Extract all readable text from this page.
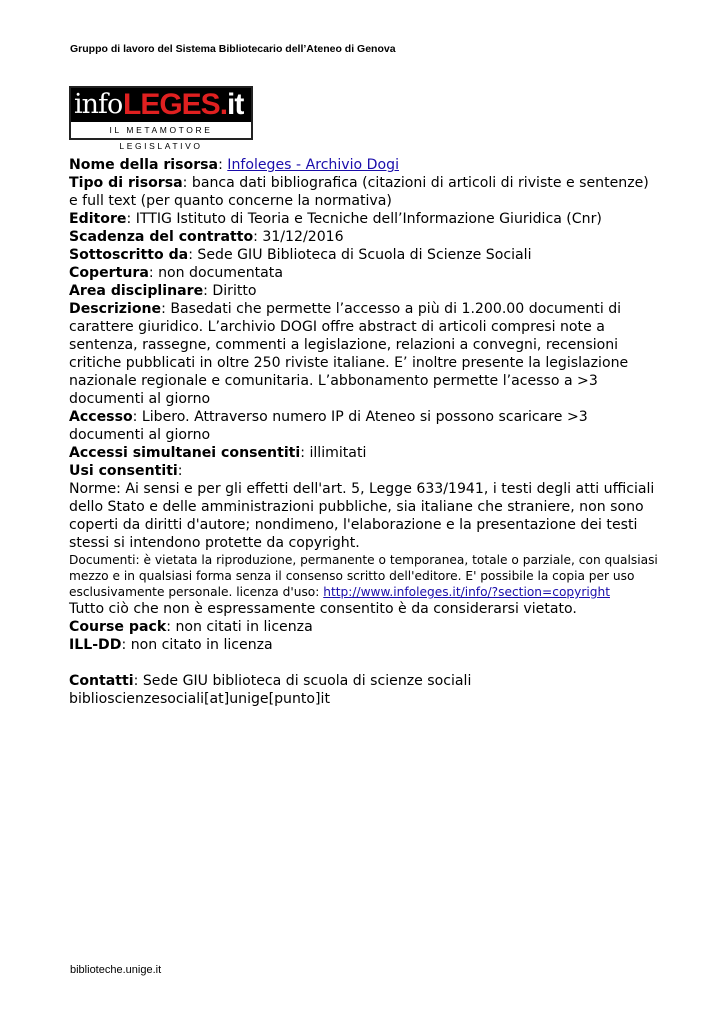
Gruppo di lavoro del Sistema Bibliotecario dell’Ateneo di Genova
info LEGES.it
IL METAMOTORE LEGISLATIVO

Nome della risorsa: Infoleges - Archivio Dogi

Tipo di risorsa: banca dati bibliografica (citazioni di articoli di riviste e sentenze) e full text (per quanto concerne la normativa)

Editore: ITTIG Istituto di Teoria e Tecniche dell’Informazione Giuridica (Cnr)

Scadenza del contratto: 31/12/2016

Sottoscritto da: Sede GIU Biblioteca di Scuola di Scienze Sociali

Copertura: non documentata

Area disciplinare: Diritto

Descrizione: Basedati che permette l’accesso a più di 1.200.00 documenti di carattere giuridico. L’archivio DOGI offre abstract di articoli compresi note a sentenza, rassegne, commenti a legislazione, relazioni a convegni, recensioni critiche pubblicati in oltre 250 riviste italiane. E’ inoltre presente la legislazione nazionale regionale e comunitaria. L’abbonamento permette l’acesso a >3 documenti al giorno

Accesso: Libero. Attraverso numero IP di Ateneo si possono scaricare >3 documenti al giorno

Accessi simultanei consentiti: illimitati

Usi consentiti:

Norme: Ai sensi e per gli effetti dell'art. 5, Legge 633/1941, i testi degli atti ufficiali dello Stato e delle amministrazioni pubbliche, sia italiane che straniere, non sono coperti da diritti d'autore; nondimeno, l'elaborazione e la presentazione dei testi stessi si intendono protette da copyright.

Documenti: è vietata la riproduzione, permanente o temporanea, totale o parziale, con qualsiasi mezzo e in qualsiasi forma senza il consenso scritto dell'editore. E' possibile la copia per uso esclusivamente personale. licenza d'uso: http://www.infoleges.it/info/?section=copyright

Tutto ciò che non è espressamente consentito è da considerarsi vietato.

Course pack: non citati in licenza

ILL-DD: non citato in licenza

Contatti: Sede GIU biblioteca di scuola di scienze sociali

biblioscienzesociali[at]unige[punto]it

biblioteche.unige.it
